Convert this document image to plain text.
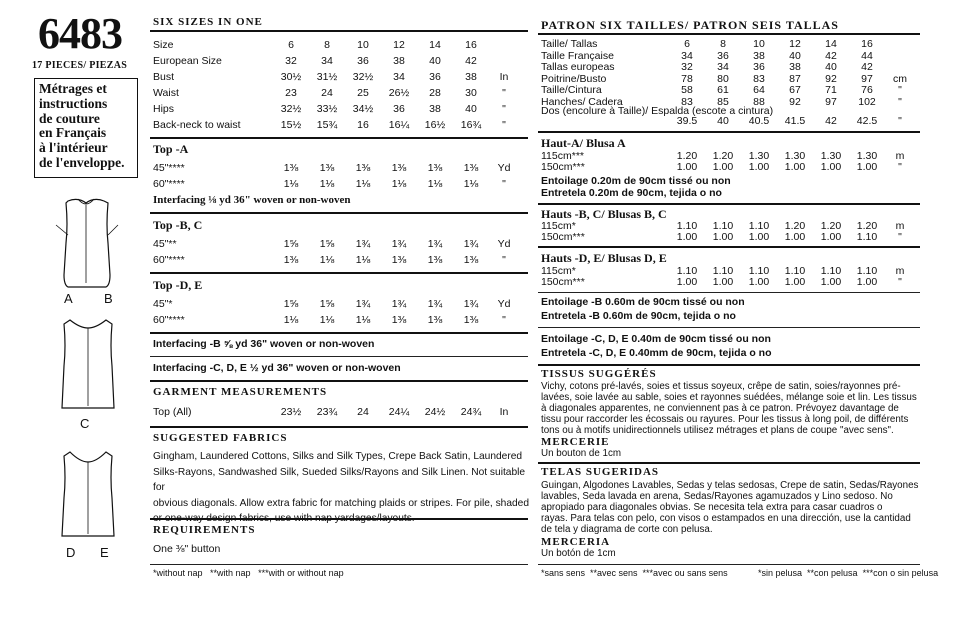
6483
17 PIECES/ PIEZAS
Métrages et
instructions
de couture
en Français
à l'intérieur
de l'enveloppe.
A B
C
D E
SIX SIZES IN ONE
Size	6	8	10	12	14	16
European Size	32	34	36	38	40	42
Bust	30½	31½	32½	34	36	38	In
Waist	23	24	25	26½	28	30	"
Hips	32½	33½	34½	36	38	40	"
Back-neck to waist	15½	15¾	16	16¼	16½	16¾	"
Top -A
45"****	1⅜	1⅜	1⅜	1⅜	1⅜	1⅜	Yd
60"****	1⅛	1⅛	1⅛	1⅛	1⅛	1⅛	"
Interfacing ⅛ yd 36" woven or non-woven
Top -B, C
45"**	1⅝	1⅝	1¾	1¾	1¾	1¾	Yd
60"****	1⅜	1⅛	1⅛	1⅜	1⅜	1⅜	"
Top -D, E
45"*	1⅝	1⅝	1¾	1¾	1¾	1¾	Yd
60"****	1⅛	1⅛	1⅛	1⅜	1⅜	1⅜	"
Interfacing -B ⅝ yd 36" woven or non-woven
Interfacing -C, D, E ½ yd 36" woven or non-woven
GARMENT MEASUREMENTS
Top (All)	23½	23¾	24	24¼	24½	24¾	In
SUGGESTED FABRICS
Gingham, Laundered Cottons, Silks and Silk Types, Crepe Back Satin, Laundered
Silks-Rayons, Sandwashed Silk, Sueded Silks/Rayons and Silk Linen. Not suitable for
obvious diagonals. Allow extra fabric for matching plaids or stripes. For pile, shaded
REQUIREMENTS
One ⅜" button
*without nap   **with nap   ***with or without nap
PATRON SIX TAILLES/ PATRON SEIS TALLAS
Taille/ Tallas	6	8	10	12	14	16
Taille Française	34	36	38	40	42	44
Tallas europeas	32	34	36	38	40	42
Poitrine/Busto	78	80	83	87	92	97	cm
Taille/Cintura	58	61	64	67	71	76	"
Hanches/ Cadera	83	85	88	92	97	102	"
Dos (encolure à Taille)/ Espalda (escote a cintura)
39.5	40	40.5	41.5	42	42.5	"
Haut-A/ Blusa A
115cm***	1.20	1.20	1.30	1.30	1.30	1.30	m
150cm***	1.00	1.00	1.00	1.00	1.00	1.00	"
Entoilage 0.20m de 90cm tissé ou non
Entretela 0.20m de 90cm, tejida o no
Hauts -B, C/ Blusas B, C
115cm*	1.10	1.10	1.10	1.20	1.20	1.20	m
150cm***	1.00	1.00	1.00	1.00	1.00	1.10	"
Hauts -D, E/ Blusas D, E
115cm*	1.10	1.10	1.10	1.10	1.10	1.10	m
150cm***	1.00	1.00	1.00	1.00	1.00	1.00	"
Entoilage -B 0.60m de 90cm tissé ou non
Entretela -B 0.60m de 90cm, tejida o no
Entoilage -C, D, E 0.40m de 90cm tissé ou non
Entretela -C, D, E 0.40mm de 90cm, tejida o no
TISSUS SUGGÉRÉS
Vichy, cotons pré-lavés, soies et tissus soyeux, crêpe de satin, soies/rayonnes pré-
lavées, soie lavée au sable, soies et rayonnes suédées, mélange soie et lin. Les tissus
à diagonales apparentes, ne conviennent pas à ce patron. Prévoyez davantage de
tissu pour raccorder les écossais ou rayures. Pour les tissus à long poil, de différents
tons ou à motifs unidirectionnels utilisez métrages et plans de coupe "avec sens".
MERCERIE
Un bouton de 1cm
TELAS SUGERIDAS
Guingan, Algodones Lavables, Sedas y telas sedosas, Crepe de satin, Sedas/Rayones
lavables, Seda lavada en arena, Sedas/Rayones agamuzados y Lino sedoso. No
apropiado para diagonales obvias. Se necesita tela extra para casar cuadros o
rayas. Para telas con pelo, con visos o estampados en una dirección, use la cantidad
de tela y diagrama de corte con pelusa.
MERCERIA
Un botón de 1cm
*sans sens  **avec sens  ***avec ou sans sens	*sin pelusa  **con pelusa  ***con o sin pelusa
